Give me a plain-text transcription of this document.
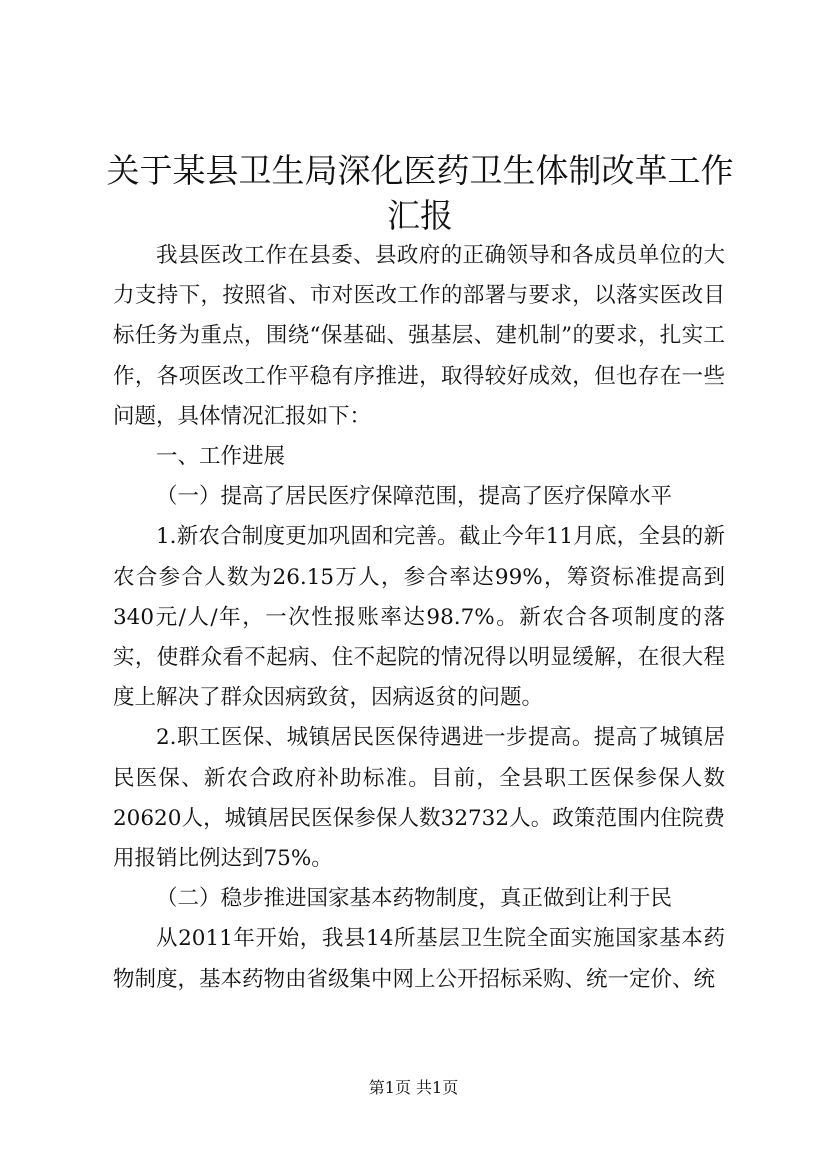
关于某县卫生局深化医药卫生体制改革工作汇报

我县医改工作在县委、县政府的正确领导和各成员单位的大力支持下，按照省、市对医改工作的部署与要求，以落实医改目标任务为重点，围绕“保基础、强基层、建机制”的要求，扎实工作，各项医改工作平稳有序推进，取得较好成效，但也存在一些问题，具体情况汇报如下：

一、工作进展

（一）提高了居民医疗保障范围，提高了医疗保障水平

1.新农合制度更加巩固和完善。截止今年11月底，全县的新农合参合人数为26.15万人，参合率达99%，筹资标准提高到340元/人/年，一次性报账率达98.7%。新农合各项制度的落实，使群众看不起病、住不起院的情况得以明显缓解，在很大程度上解决了群众因病致贫，因病返贫的问题。

2.职工医保、城镇居民医保待遇进一步提高。提高了城镇居民医保、新农合政府补助标准。目前，全县职工医保参保人数20620人，城镇居民医保参保人数32732人。政策范围内住院费用报销比例达到75%。

（二）稳步推进国家基本药物制度，真正做到让利于民

从2011年开始，我县14所基层卫生院全面实施国家基本药物制度，基本药物由省级集中网上公开招标采购、统一定价、统

第1页 共1页
